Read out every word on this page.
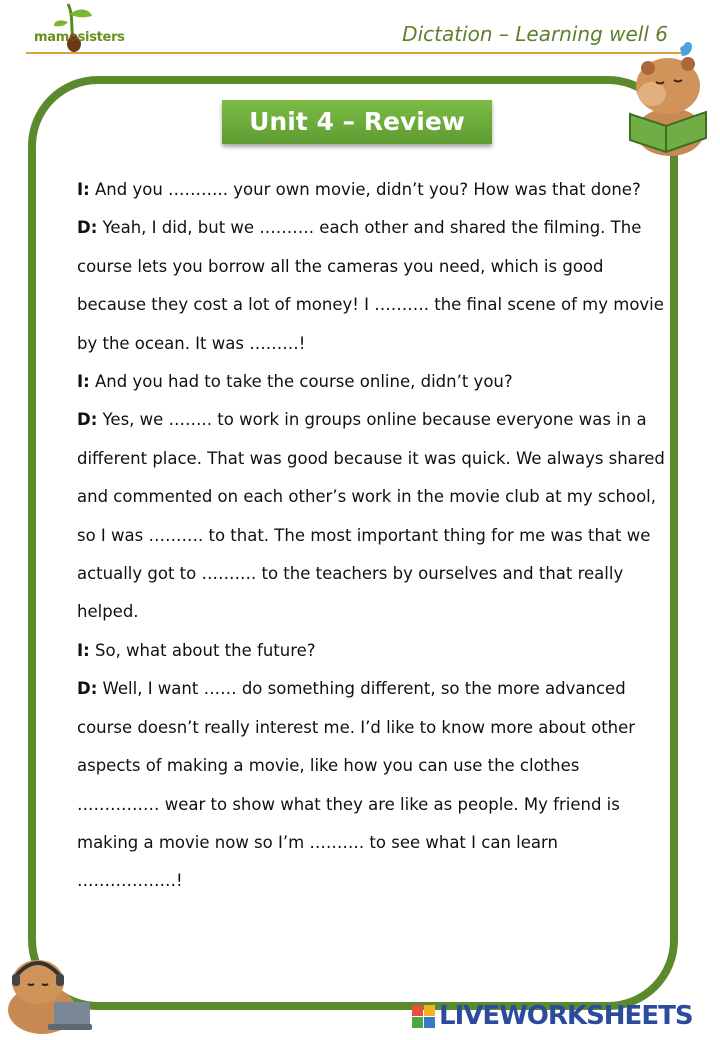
mamosisters	Dictation – Learning well 6
Unit 4 – Review

I: And you ……….. your own movie, didn’t you? How was that done?

D: Yeah, I did, but we ………. each other and shared the filming. The course lets you borrow all the cameras you need, which is good because they cost a lot of money! I ………. the final scene of my movie by the ocean. It was ………!

I: And you had to take the course online, didn’t you?

D: Yes, we …….. to work in groups online because everyone was in a different place. That was good because it was quick. We always shared and commented on each other’s work in the movie club at my school, so I was ………. to that. The most important thing for me was that we actually got to ………. to the teachers by ourselves and that really helped.

I: So, what about the future?

D: Well, I want …… do something different, so the more advanced course doesn’t really interest me. I’d like to know more about other aspects of making a movie, like how you can use the clothes …………… wear to show what they are like as people. My friend is making a movie now so I’m ………. to see what I can learn ………………!

LIVEWORKSHEETS
